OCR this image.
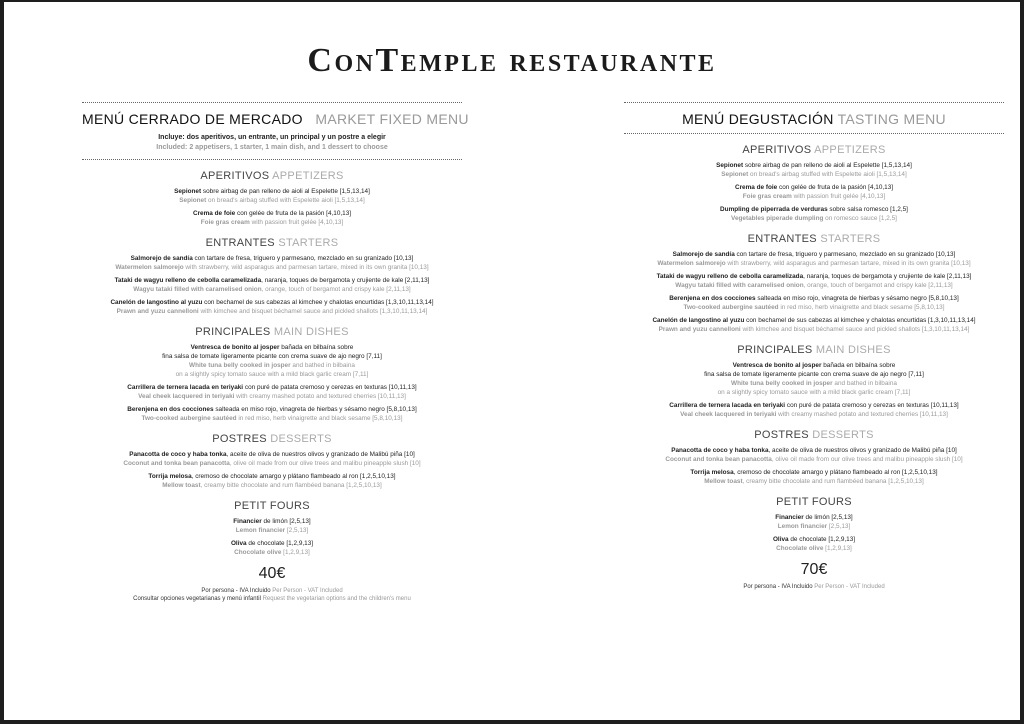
ConTemple restaurante
MENÚ CERRADO DE MERCADO MARKET FIXED MENU
Incluye: dos aperitivos, un entrante, un principal y un postre a elegir
Included: 2 appetisers, 1 starter, 1 main dish, and 1 dessert to choose
APERITIVOS APPETIZERS
Sepionet sobre airbag de pan relleno de aioli al Espelette [1,5,13,14]
Sepionet on bread's airbag stuffed with Espelette aioli [1,5,13,14]
Crema de foie con gelée de fruta de la pasión [4,10,13]
Foie gras cream with passion fruit gelée [4,10,13]
ENTRANTES STARTERS
Salmorejo de sandía con tartare de fresa, triguero y parmesano, mezclado en su granizado [10,13]
Watermelon salmorejo with strawberry, wild asparagus and parmesan tartare, mixed in its own granita [10,13]
Tataki de wagyu relleno de cebolla caramelizada, naranja, toques de bergamota y crujiente de kale [2,11,13]
Wagyu tataki filled with caramelised onion, orange, touch of bergamot and crispy kale [2,11,13]
Canelón de langostino al yuzu con bechamel de sus cabezas al kimchee y chalotas encurtidas [1,3,10,11,13,14]
Prawn and yuzu cannelloni with kimchee and bisquet béchamel sauce and pickled shallots [1,3,10,11,13,14]
PRINCIPALES MAIN DISHES
Ventresca de bonito al josper bañada en bilbaína sobre
fina salsa de tomate ligeramente picante con crema suave de ajo negro [7,11]
White tuna belly cooked in josper and bathed in bilbaina
on a slightly spicy tomato sauce with a mild black garlic cream [7,11]
Carrillera de ternera lacada en teriyaki con puré de patata cremoso y cerezas en texturas [10,11,13]
Veal cheek lacquered in teriyaki with creamy mashed potato and textured cherries [10,11,13]
Berenjena en dos cocciones salteada en miso rojo, vinagreta de hierbas y sésamo negro [5,8,10,13]
Two-cooked aubergine sautéed in red miso, herb vinaigrette and black sesame [5,8,10,13]
POSTRES DESSERTS
Panacotta de coco y haba tonka, aceite de oliva de nuestros olivos y granizado de Malibú piña [10]
Coconut and tonka bean panacotta, olive oil made from our olive trees and malibu pineapple slush [10]
Torrija melosa, cremoso de chocolate amargo y plátano flambeado al ron [1,2,5,10,13]
Mellow toast, creamy bitte chocolate and rum flambéed banana [1,2,5,10,13]
PETIT FOURS
Financier de limón [2,5,13]
Lemon financier [2,5,13]
Oliva de chocolate [1,2,9,13]
Chocolate olive [1,2,9,13]
40€
Por persona - IVA Incluido Per Person - VAT Included
Consultar opciones vegetarianas y menú infantil Request the vegetarian options and the children's menu
MENÚ DEGUSTACIÓN TASTING MENU
APERITIVOS APPETIZERS
Sepionet sobre airbag de pan relleno de aioli al Espelette [1,5,13,14]
Sepionet on bread's airbag stuffed with Espelette aioli [1,5,13,14]
Crema de foie con gelée de fruta de la pasión [4,10,13]
Foie gras cream with passion fruit gelée [4,10,13]
Dumpling de piperrada de verduras sobre salsa romesco [1,2,5]
Vegetables piperade dumpling on romesco sauce [1,2,5]
ENTRANTES STARTERS
Salmorejo de sandía con tartare de fresa, triguero y parmesano, mezclado en su granizado [10,13]
Watermelon salmorejo with strawberry, wild asparagus and parmesan tartare, mixed in its own granita [10,13]
Tataki de wagyu relleno de cebolla caramelizada, naranja, toques de bergamota y crujiente de kale [2,11,13]
Wagyu tataki filled with caramelised onion, orange, touch of bergamot and crispy kale [2,11,13]
Berenjena en dos cocciones salteada en miso rojo, vinagreta de hierbas y sésamo negro [5,8,10,13]
Two-cooked aubergine sautéed in red miso, herb vinaigrette and black sesame [5,8,10,13]
Canelón de langostino al yuzu con bechamel de sus cabezas al kimchee y chalotas encurtidas [1,3,10,11,13,14]
Prawn and yuzu cannelloni with kimchee and bisquet béchamel sauce and pickled shallots [1,3,10,11,13,14]
PRINCIPALES MAIN DISHES
Ventresca de bonito al josper bañada en bilbaína sobre
fina salsa de tomate ligeramente picante con crema suave de ajo negro [7,11]
White tuna belly cooked in josper and bathed in bilbaina
on a slightly spicy tomato sauce with a mild black garlic cream [7,11]
Carrillera de ternera lacada en teriyaki con puré de patata cremoso y cerezas en texturas [10,11,13]
Veal cheek lacquered in teriyaki with creamy mashed potato and textured cherries [10,11,13]
POSTRES DESSERTS
Panacotta de coco y haba tonka, aceite de oliva de nuestros olivos y granizado de Malibú piña [10]
Coconut and tonka bean panacotta, olive oil made from our olive trees and malibu pineapple slush [10]
Torrija melosa, cremoso de chocolate amargo y plátano flambeado al ron [1,2,5,10,13]
Mellow toast, creamy bitte chocolate and rum flambéed banana [1,2,5,10,13]
PETIT FOURS
Financier de limón [2,5,13]
Lemon financier [2,5,13]
Oliva de chocolate [1,2,9,13]
Chocolate olive [1,2,9,13]
70€
Por persona - IVA Incluido Per Person - VAT Included
